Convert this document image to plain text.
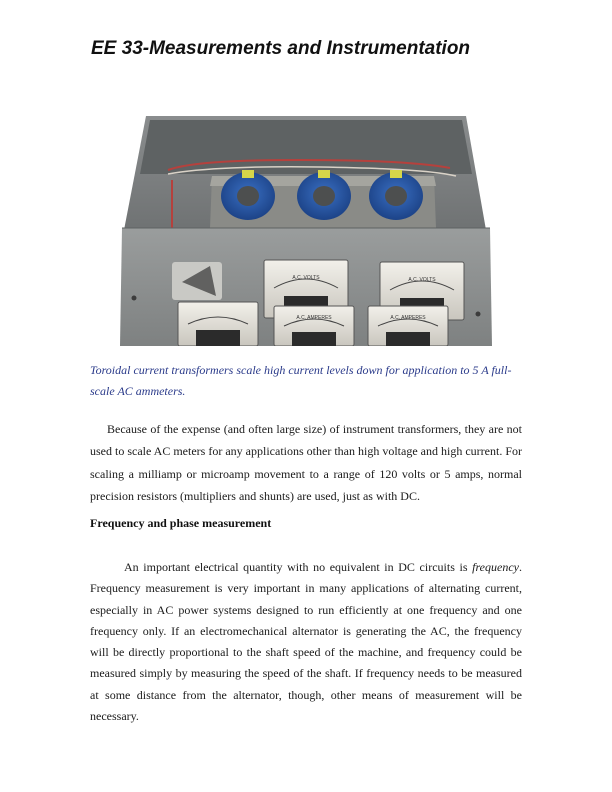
EE 33-Measurements and Instrumentation
A.C. VOLTS	A.C. VOLTS
A.C. AMPERES	A.C. AMPERES

Toroidal current transformers scale high current levels down for application to 5 A full-scale AC ammeters.

Because of the expense (and often large size) of instrument transformers, they are not used to scale AC meters for any applications other than high voltage and high current. For scaling a milliamp or microamp movement to a range of 120 volts or 5 amps, normal precision resistors (multipliers and shunts) are used, just as with DC.

Frequency and phase measurement

An important electrical quantity with no equivalent in DC circuits is frequency. Frequency measurement is very important in many applications of alternating current, especially in AC power systems designed to run efficiently at one frequency and one frequency only. If an electromechanical alternator is generating the AC, the frequency will be directly proportional to the shaft speed of the machine, and frequency could be measured simply by measuring the speed of the shaft. If frequency needs to be measured at some distance from the alternator, though, other means of measurement will be necessary.
